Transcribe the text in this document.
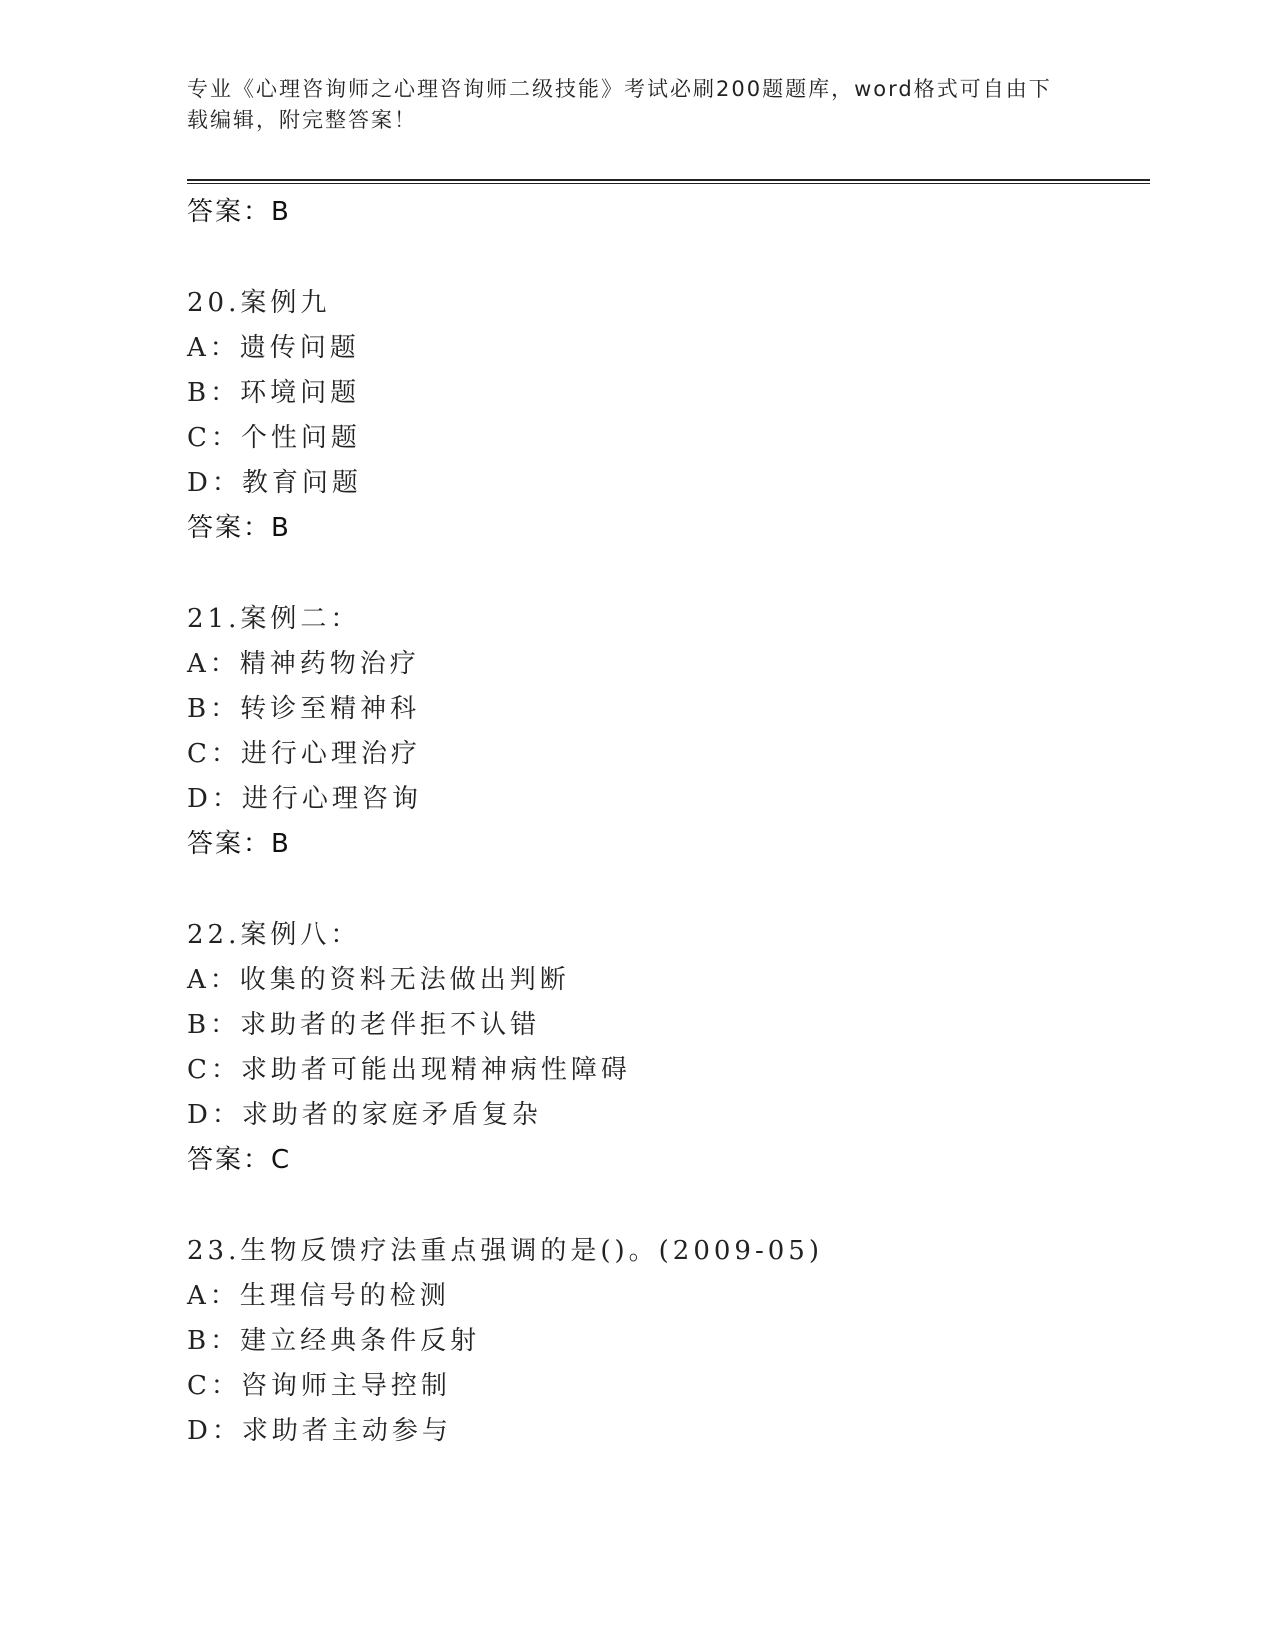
专业《心理咨询师之心理咨询师二级技能》考试必刷200题题库，word格式可自由下载编辑，附完整答案！
答案：B
20.案例九
A：遗传问题
B：环境问题
C：个性问题
D：教育问题
答案：B
21.案例二：
A：精神药物治疗
B：转诊至精神科
C：进行心理治疗
D：进行心理咨询
答案：B
22.案例八：
A：收集的资料无法做出判断
B：求助者的老伴拒不认错
C：求助者可能出现精神病性障碍
D：求助者的家庭矛盾复杂
答案：C
23.生物反馈疗法重点强调的是()。(2009-05)
A：生理信号的检测
B：建立经典条件反射
C：咨询师主导控制
D：求助者主动参与
